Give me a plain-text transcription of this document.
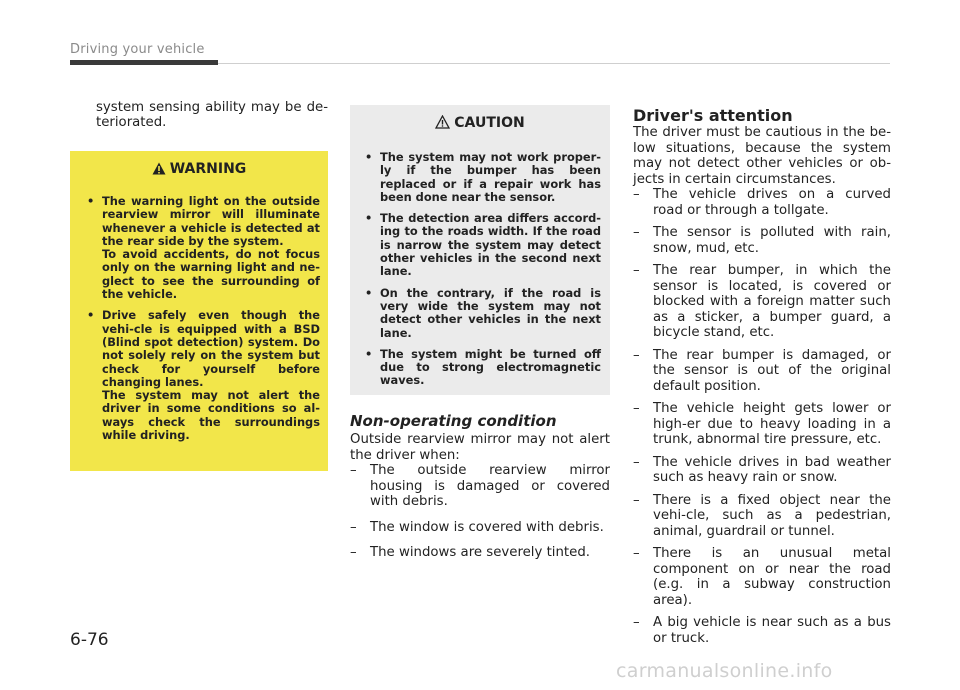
Driving your vehicle
system sensing ability may be de-teriorated.
WARNING
• The warning light on the outside rearview mirror will illuminate whenever a vehicle is detected at the rear side by the system.

To avoid accidents, do not focus only on the warning light and ne-glect to see the surrounding of the vehicle.

• Drive safely even though the vehi-cle is equipped with a BSD (Blind spot detection) system. Do not solely rely on the system but check for yourself before changing lanes.

The system may not alert the driver in some conditions so al-ways check the surroundings while driving.

CAUTION
• The system may not work proper-ly if the bumper has been replaced or if a repair work has been done near the sensor.

• The detection area differs accord-ing to the roads width. If the road is narrow the system may detect other vehicles in the second next lane.

• On the contrary, if the road is very wide the system may not detect other vehicles in the next lane.

• The system might be turned off due to strong electromagnetic waves.

Non-operating condition
Outside rearview mirror may not alert the driver when:
– The outside rearview mirror housing is damaged or covered with debris.
– The window is covered with debris.
– The windows are severely tinted.
Driver's attention
The driver must be cautious in the be-low situations, because the system may not detect other vehicles or ob-jects in certain circumstances.
– The vehicle drives on a curved road or through a tollgate.
– The sensor is polluted with rain, snow, mud, etc.
– The rear bumper, in which the sensor is located, is covered or blocked with a foreign matter such as a sticker, a bumper guard, a bicycle stand, etc.
– The rear bumper is damaged, or the sensor is out of the original default position.
– The vehicle height gets lower or high-er due to heavy loading in a trunk, abnormal tire pressure, etc.
– The vehicle drives in bad weather such as heavy rain or snow.
– There is a fixed object near the vehi-cle, such as a pedestrian, animal, guardrail or tunnel.
– There is an unusual metal component on or near the road (e.g. in a subway construction area).
– A big vehicle is near such as a bus or truck.
6-76
carmanualsonline.info
